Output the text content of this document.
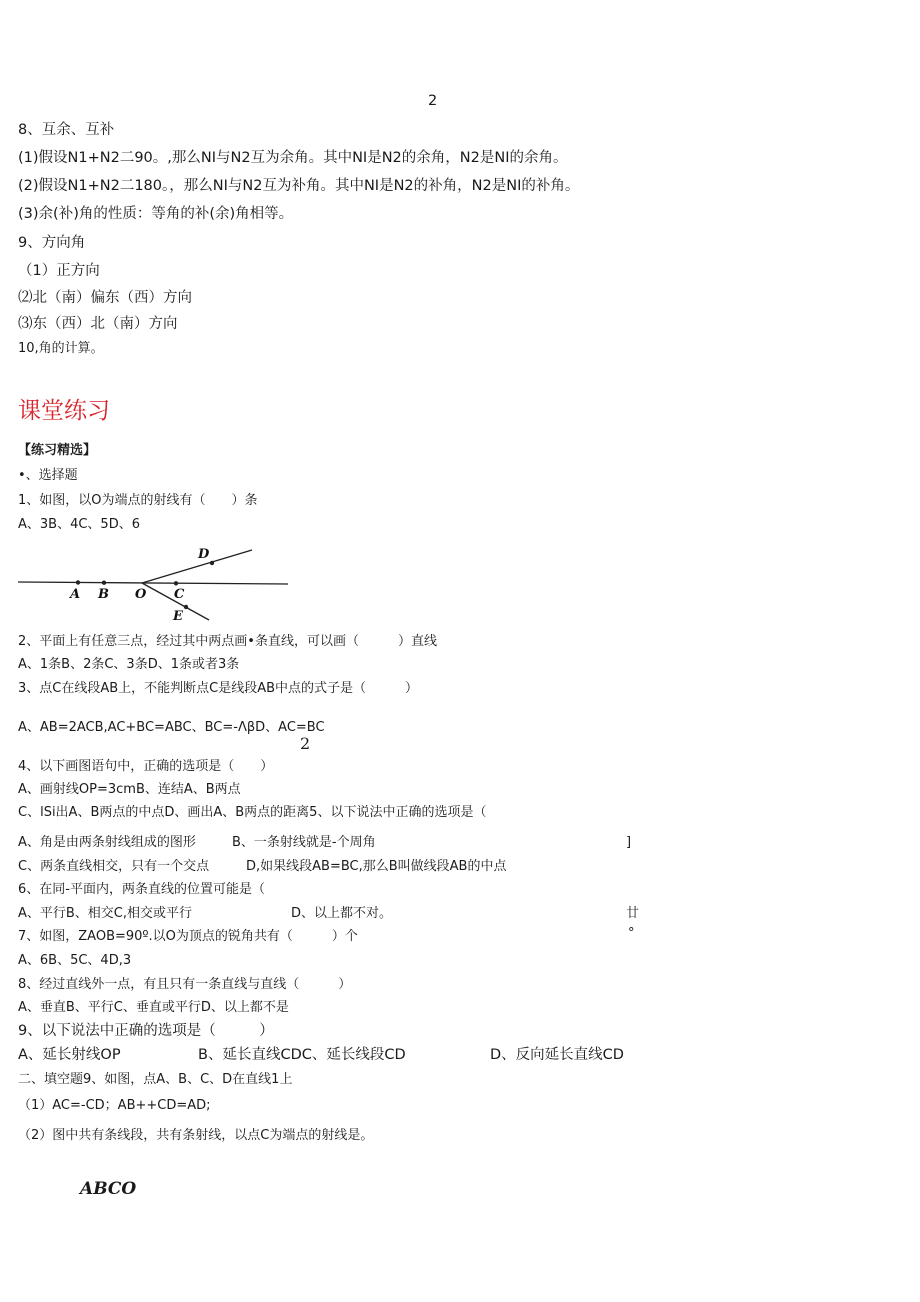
2
8、互余、互补
(1)假设N1+N2二90。,那么NI与N2互为余角。其中NI是N2的余角，N2是NI的余角。
(2)假设N1+N2二180。，那么NI与N2互为补角。其中NI是N2的补角，N2是NI的补角。
(3)余(补)角的性质：等角的补(余)角相等。
9、方向角
（1）正方向
⑵北（南）偏东（西）方向
⑶东（西）北（南）方向
10,角的计算。
课堂练习
【练习精选】
•、选择题
1、如图，以O为端点的射线有（　　）条
A、3B、4C、5D、6
D
A B O C
E
2、平面上有任意三点，经过其中两点画•条直线，可以画（　　　）直线
A、1条B、2条C、3条D、1条或者3条
3、点C在线段AB上，不能判断点C是线段AB中点的式子是（　　　）
A、AB=2ACB,AC+BC=ABC、BC=-ΛβD、AC=BC
2
4、以下画图语句中，正确的选项是（　　）
A、画射线OP=3cmB、连结A、B两点
C、lSi出A、B两点的中点D、画出A、B两点的距离5、以下说法中正确的选项是（
A、角是由两条射线组成的图形	B、一条射线就是-个周角	]
C、两条直线相交，只有一个交点	D,如果线段AB=BC,那么B叫做线段AB的中点
6、在同-平面内，两条直线的位置可能是（
A、平行B、相交C,相交或平行	D、以上都不对。	廿
7、如图，ZAOB=90º.以O为顶点的锐角共有（　　　）个	°
A、6B、5C、4D,3
8、经过直线外一点，有且只有一条直线与直线（　　　）
A、垂直B、平行C、垂直或平行D、以上都不是
9、以下说法中正确的选项是（　　　）
A、延长射线OP	B、延长直线CDC、延长线段CD	D、反向延长直线CD
二、填空题9、如图，点A、B、C、D在直线1上
（1）AC=-CD；AB++CD=AD;
（2）图中共有条线段，共有条射线，以点C为端点的射线是。
ABCO
